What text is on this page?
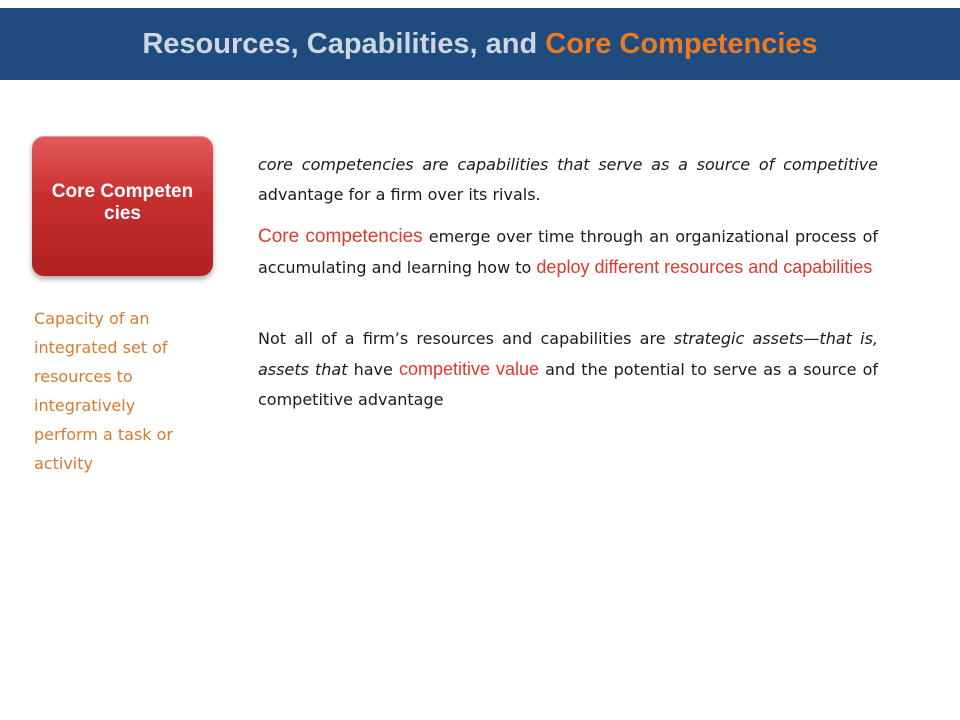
Resources, Capabilities, and Core Competencies
Core Competencies
Capacity of an integrated set of resources to integratively perform a task or activity
core competencies are capabilities that serve as a source of competitive advantage for a firm over its rivals.
Core competencies emerge over time through an organizational process of accumulating and learning how to deploy different resources and capabilities
Not all of a firm’s resources and capabilities are strategic assets—that is, assets that have competitive value and the potential to serve as a source of competitive advantage
